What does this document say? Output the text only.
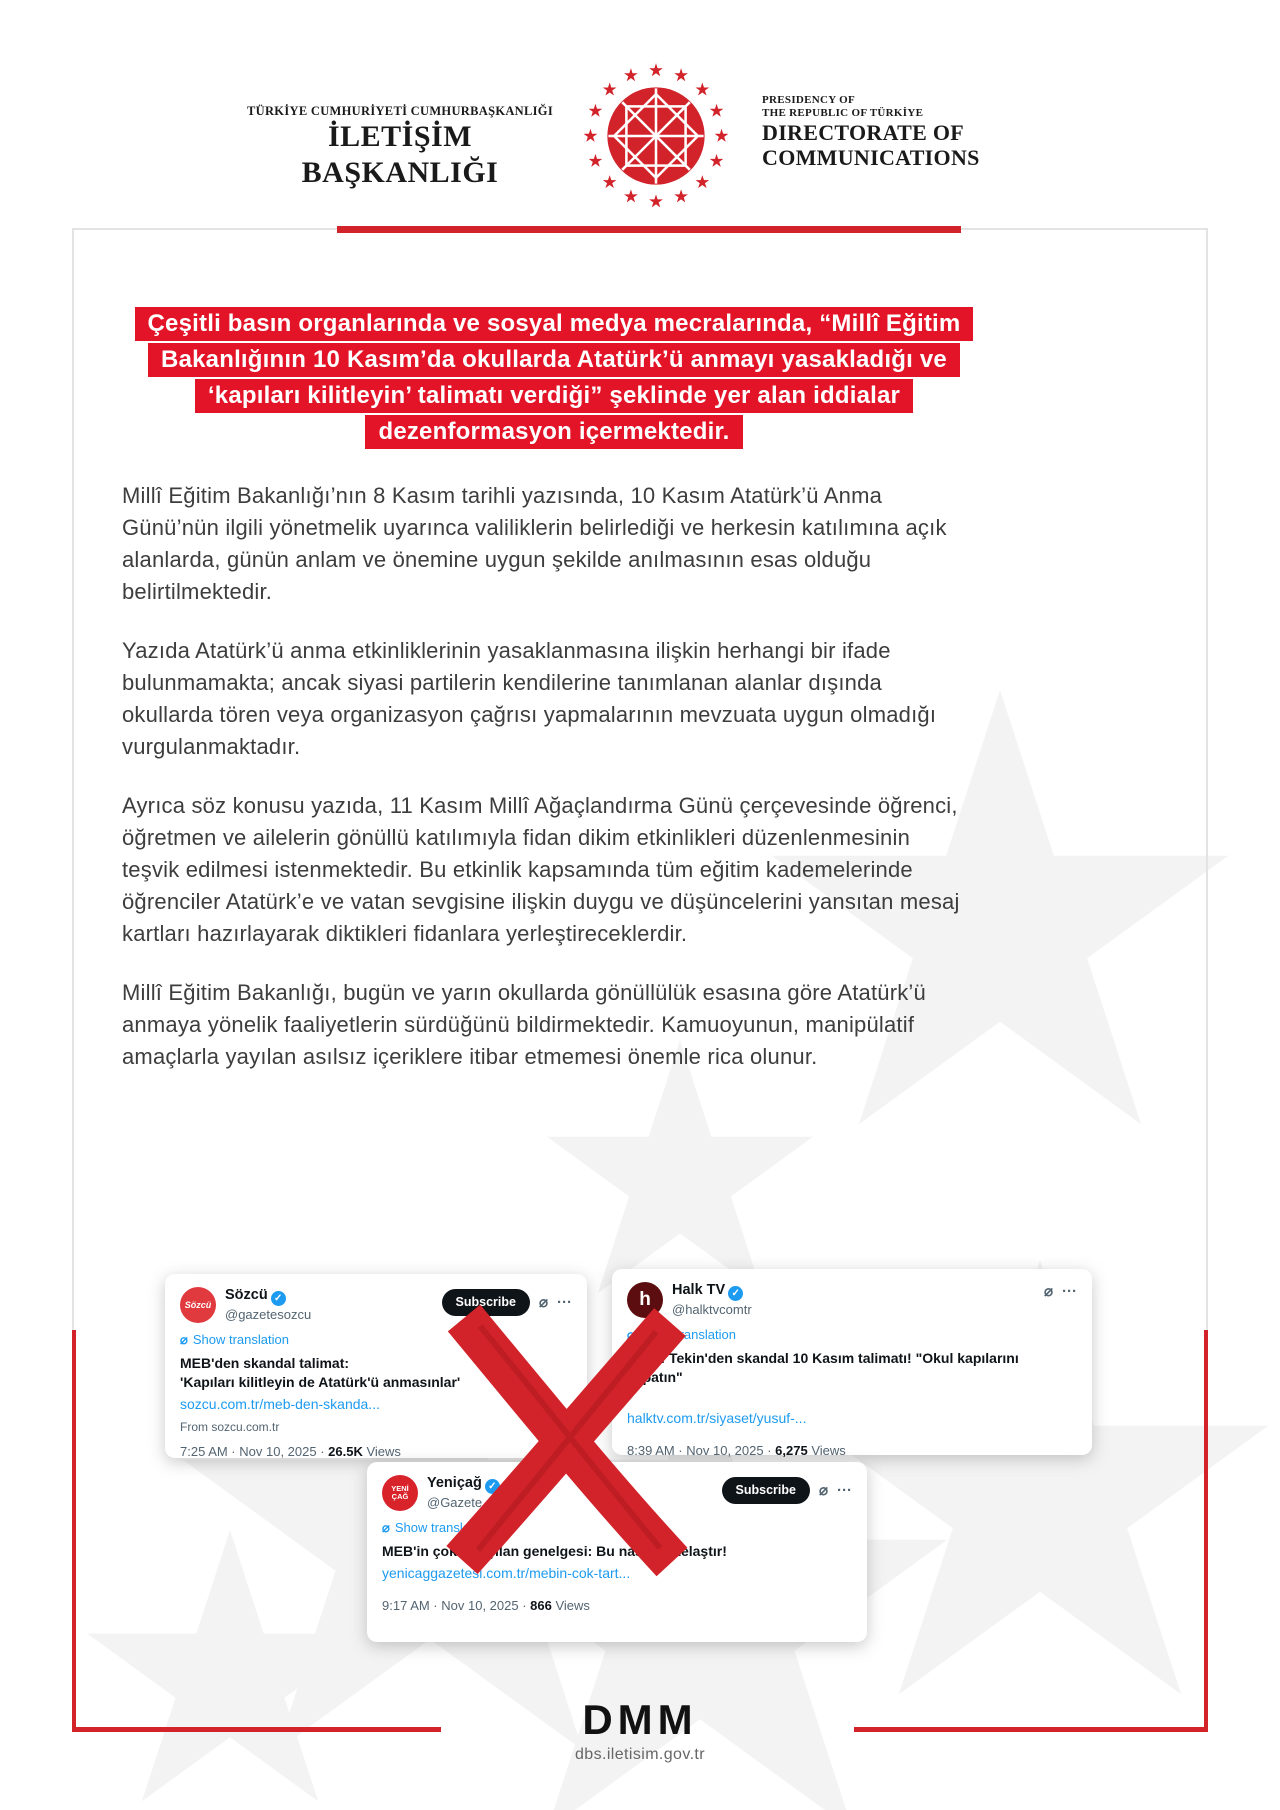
TÜRKİYE CUMHURİYETİ CUMHURBAŞKANLIĞI
İLETİŞİM BAŞKANLIĞI
PRESIDENCY OF
THE REPUBLIC OF TÜRKİYE
DIRECTORATE OF
COMMUNICATIONS
Çeşitli basın organlarında ve sosyal medya mecralarında, “Millî Eğitim
Bakanlığının 10 Kasım’da okullarda Atatürk’ü anmayı yasakladığı ve
‘kapıları kilitleyin’ talimatı verdiği” şeklinde yer alan iddialar
dezenformasyon içermektedir.

Millî Eğitim Bakanlığı’nın 8 Kasım tarihli yazısında, 10 Kasım Atatürk’ü Anma Günü’nün ilgili yönetmelik uyarınca valiliklerin belirlediği ve herkesin katılımına açık alanlarda, günün anlam ve önemine uygun şekilde anılmasının esas olduğu belirtilmektedir.

Yazıda Atatürk’ü anma etkinliklerinin yasaklanmasına ilişkin herhangi bir ifade bulunmamakta; ancak siyasi partilerin kendilerine tanımlanan alanlar dışında okullarda tören veya organizasyon çağrısı yapmalarının mevzuata uygun olmadığı vurgulanmaktadır.

Ayrıca söz konusu yazıda, 11 Kasım Millî Ağaçlandırma Günü çerçevesinde öğrenci, öğretmen ve ailelerin gönüllü katılımıyla fidan dikim etkinlikleri düzenlenmesinin teşvik edilmesi istenmektedir. Bu etkinlik kapsamında tüm eğitim kademelerinde öğrenciler Atatürk’e ve vatan sevgisine ilişkin duygu ve düşüncelerini yansıtan mesaj kartları hazırlayarak diktikleri fidanlara yerleştireceklerdir.

Millî Eğitim Bakanlığı, bugün ve yarın okullarda gönüllülük esasına göre Atatürk’ü anmaya yönelik faaliyetlerin sürdüğünü bildirmektedir. Kamuoyunun, manipülatif amaçlarla yayılan asılsız içeriklere itibar etmemesi önemle rica olunur.

Sözcü
Sözcü ✓
@gazetesozcu
Subscribe	⌀ ···
⌀ Show translation
MEB'den skandal talimat:
'Kapıları kilitleyin de Atatürk'ü anmasınlar'
sozcu.com.tr/meb-den-skanda...
From sozcu.com.tr
7:25 AM · Nov 10, 2025 · 26.5K Views
h Halk TV ✓
@halktvcomtr
⌀ ···
⌀ Show translation
Yusuf Tekin'den skandal 10 Kasım talimatı! "Okul kapılarını kapatın"
halktv.com.tr/siyaset/yusuf-...
8:39 AM · Nov 10, 2025 · 6,275 Views
YENİ
ÇAĞ
Yeniçağ ✓
@Gazete_Yenicag
Subscribe	⌀ ···
⌀ Show translation
MEB'in çok tartışılan genelgesi: Bu nasıl bir telaştır!
yenicaggazetesi.com.tr/mebin-cok-tart...
9:17 AM · Nov 10, 2025 · 866 Views
DMM
dbs.iletisim.gov.tr
